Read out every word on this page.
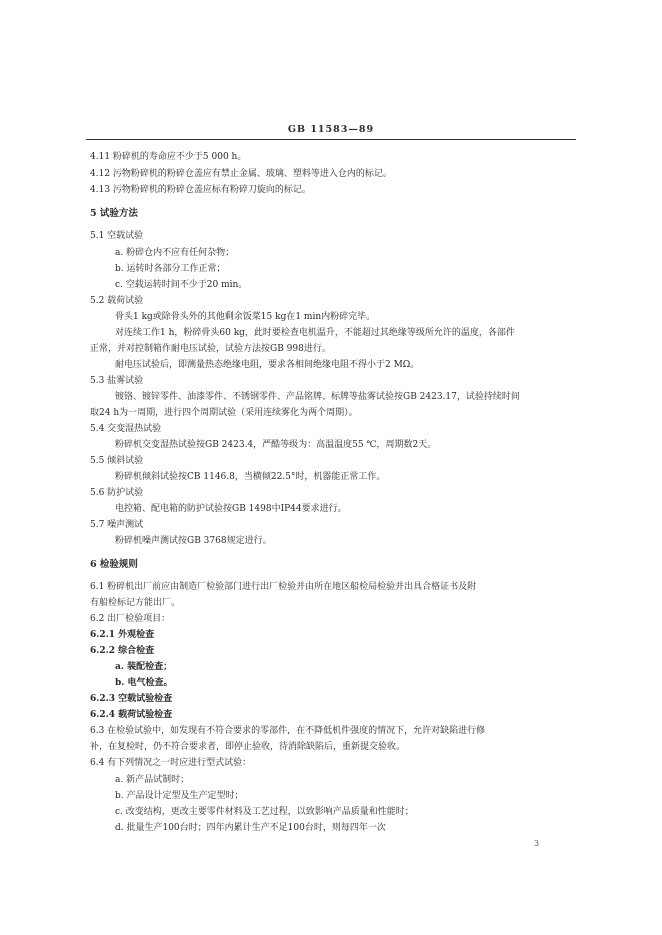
GB 11583—89
4.11 粉碎机的寿命应不少于5 000 h。
4.12 污物粉碎机的粉碎仓盖应有禁止金属、玻璃、塑料等进入仓内的标记。
4.13 污物粉碎机的粉碎仓盖应标有粉碎刀旋向的标记。
5 试验方法
5.1 空载试验
a. 粉碎仓内不应有任何杂物；
b. 运转时各部分工作正常；
c. 空载运转时间不少于20 min。
5.2 载荷试验
骨头1 kg或除骨头外的其他剩余饭菜15 kg在1 min内粉碎完毕。
对连续工作1 h，粉碎骨头60 kg，此时要检查电机温升，不能超过其绝缘等级所允许的温度，各部件
正常，并对控制箱作耐电压试验，试验方法按GB 998进行。
耐电压试验后，即测量热态绝缘电阻，要求各相间绝缘电阻不得小于2 MΩ。
5.3 盐雾试验
镀铬、镀锌零件、油漆零件、不锈钢零件、产品铭牌、标牌等盐雾试验按GB 2423.17，试验持续时间
取24 h为一周期，进行四个周期试验（采用连续雾化为两个周期）。
5.4 交变湿热试验
粉碎机交变湿热试验按GB 2423.4，严酷等级为：高温温度55 ℃，周期数2天。
5.5 倾斜试验
粉碎机倾斜试验按CB 1146.8，当横倾22.5°时，机器能正常工作。
5.6 防护试验
电控箱、配电箱的防护试验按GB 1498中IP44要求进行。
5.7 噪声测试
粉碎机噪声测试按GB 3768规定进行。
6 检验规则
6.1 粉碎机出厂前应由制造厂检验部门进行出厂检验并由所在地区船检局检验并出具合格证书及附
有船检标记方能出厂。
6.2 出厂检验项目：
6.2.1 外观检查
6.2.2 综合检查
a. 装配检查；
b. 电气检查。
6.2.3 空载试验检查
6.2.4 载荷试验检查
6.3 在检验试验中，如发现有不符合要求的零部件，在不降低机件强度的情况下，允许对缺陷进行修
补，在复检时，仍不符合要求者，即停止验收，待消除缺陷后，重新提交验收。
6.4 有下列情况之一时应进行型式试验：
a. 新产品试制时；
b. 产品设计定型及生产定型时；
c. 改变结构，更改主要零件材料及工艺过程，以致影响产品质量和性能时；
d. 批量生产100台时；四年内累计生产不足100台时，则每四年一次
3
